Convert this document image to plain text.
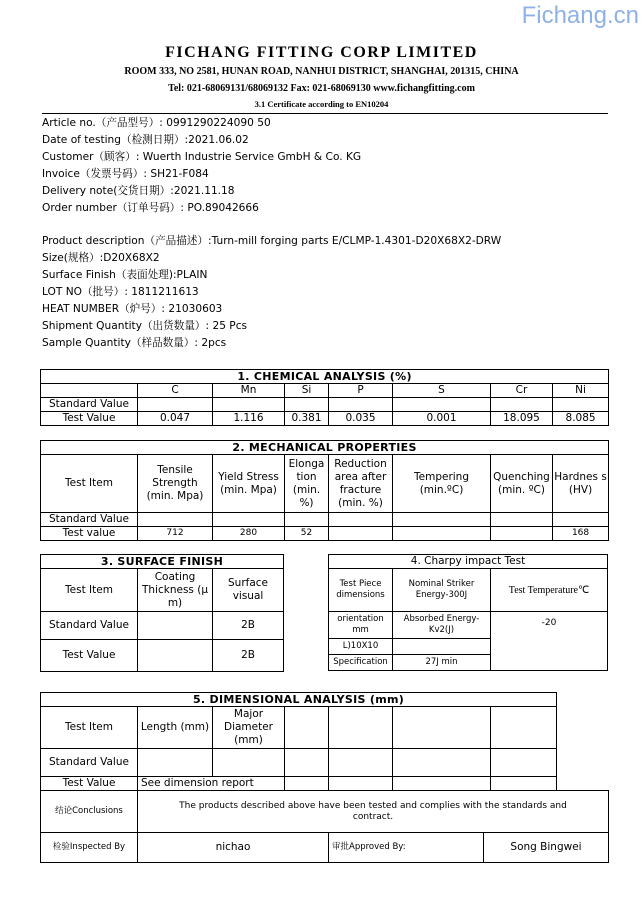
Fichang.cn
FICHANG FITTING CORP LIMITED
ROOM 333, NO 2581, HUNAN ROAD, NANHUI DISTRICT, SHANGHAI, 201315, CHINA
Tel: 021-68069131/68069132 Fax: 021-68069130 www.fichangfitting.com
3.1 Certificate according to EN10204
Article no.（产品型号）: 0991290224090 50
Date of testing（检测日期）:2021.06.02
Customer（顾客）: Wuerth Industrie Service GmbH & Co. KG
Invoice（发票号码）: SH21-F084
Delivery note(交货日期）:2021.11.18
Order number（订单号码）: PO.89042666
Product description（产品描述）:Turn-mill forging parts E/CLMP-1.4301-D20X68X2-DRW
Size(规格）:D20X68X2
Surface Finish（表面处理):PLAIN
LOT NO（批号）: 1811211613
HEAT NUMBER（炉号）: 21030603
Shipment Quantity（出货数量）: 25 Pcs
Sample Quantity（样品数量）: 2pcs
1. CHEMICAL ANALYSIS (%)							
	C	Mn	Si	P	S	Cr	Ni
Standard Value							
Test Value	0.047	1.116	0.381	0.035	0.001	18.095	8.085
2. MECHANICAL PROPERTIES							
Test Item	Tensile Strength (min. Mpa)	Yield Stress (min. Mpa)	Elonga tion (min. %)	Reduction area after fracture (min. %)	Tempering (min.ºC)	Quenching (min. ºC)	Hardnes s (HV)
Standard Value							
Test value	712	280	52				168
3. SURFACE FINISH		
Test Item	Coating Thickness (μ m)	Surface visual
Standard Value		2B
Test Value		2B
4. Charpy impact Test		
Test Piece dimensions	Nominal Striker Energy-300J	Test Temperature℃
orientation mm	Absorbed Energy-Kv2(J)	-20
L)10X10		
Specification	27J min	
5. DIMENSIONAL ANALYSIS (mm)						
Test Item	Length (mm)	Major Diameter (mm)				
Standard Value						
Test Value	See dimension report					
结论Conclusions	The products described above have been tested and complies with the standards and contract.
检验Inspected By	nichao	审批Approved By:	Song Bingwei
